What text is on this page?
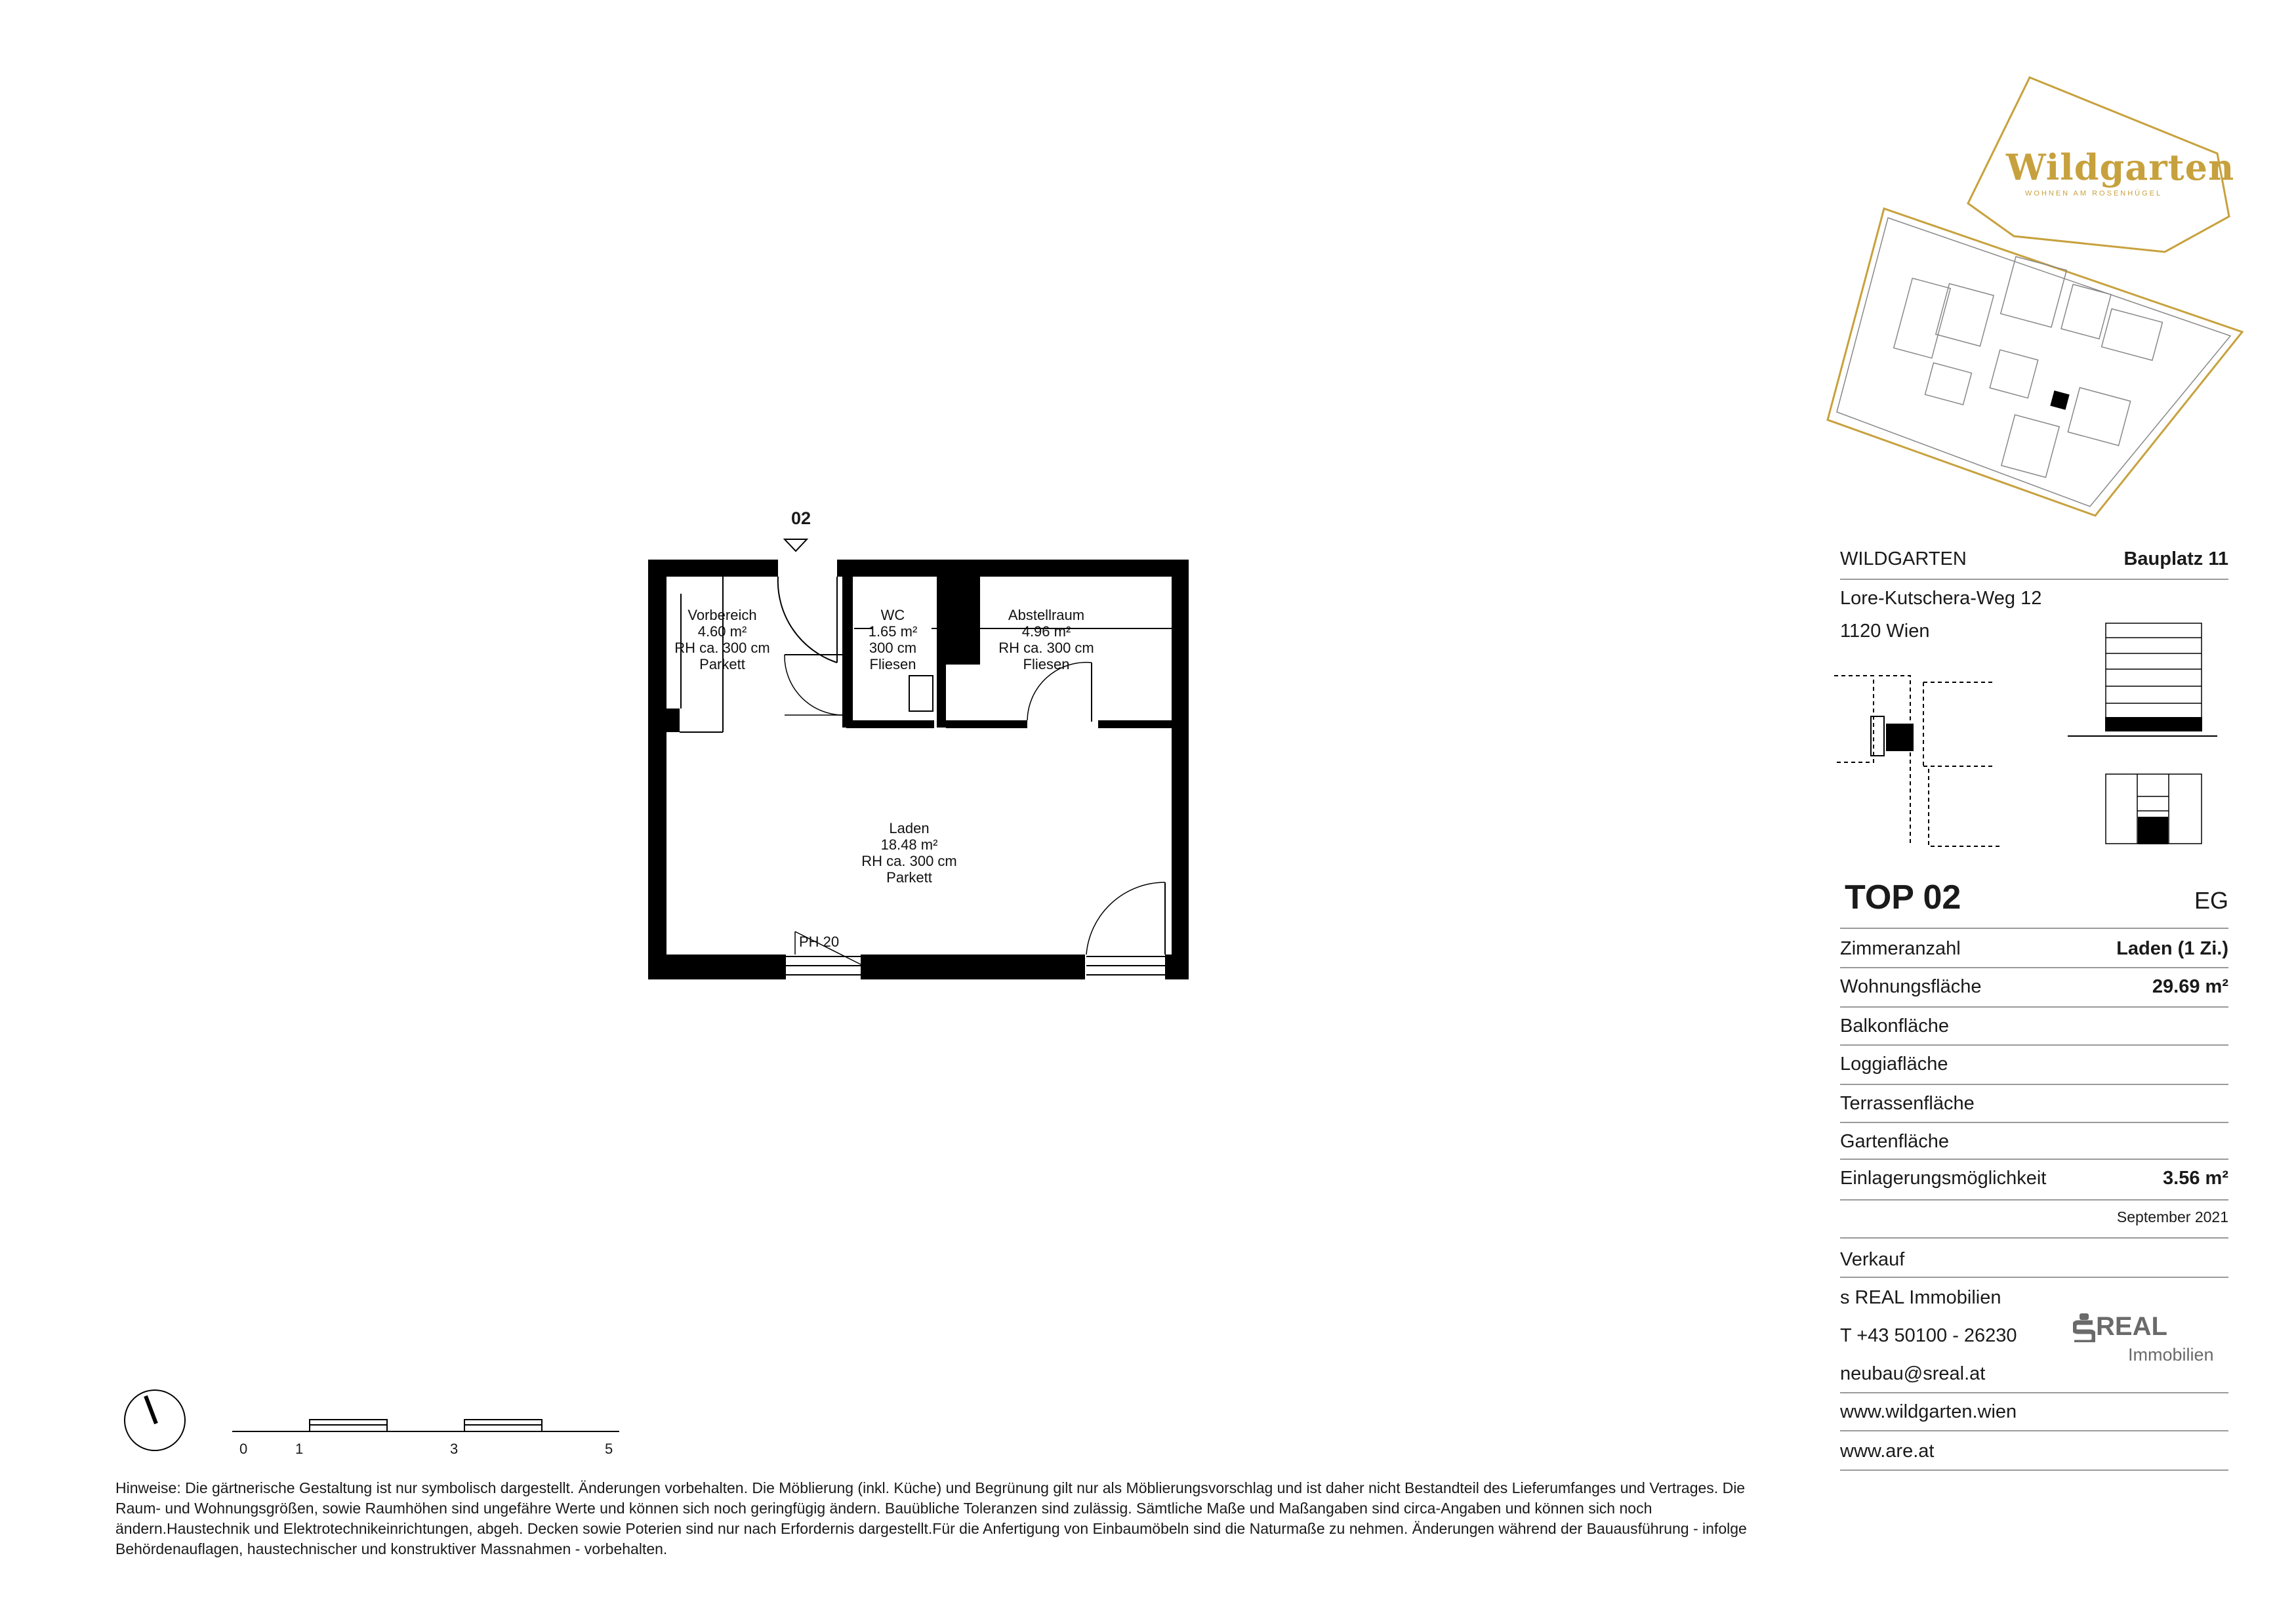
02
Vorbereich
4.60 m²
RH ca. 300 cm
Parkett
WC
1.65 m²
300 cm
Fliesen
Abstellraum
4.96 m²
RH ca. 300 cm
Fliesen
Laden
18.48 m²
RH ca. 300 cm
Parkett
PH 20
0	1	3	5
Wildgarten
WOHNEN AM ROSENHÜGEL
WILDGARTEN	Bauplatz 11
Lore-Kutschera-Weg 12
1120 Wien
TOP 02	EG
Zimmeranzahl	Laden (1 Zi.)
Wohnungsfläche	29.69 m²
Balkonfläche
Loggiafläche
Terrassenfläche
Gartenfläche
Einlagerungsmöglichkeit	3.56 m²
September 2021
Verkauf
s REAL Immobilien
T +43 50100 - 26230
neubau@sreal.at
www.wildgarten.wien
www.are.at
REAL
Immobilien
Hinweise: Die gärtnerische Gestaltung ist nur symbolisch dargestellt. Änderungen vorbehalten. Die Möblierung (inkl. Küche) und Begrünung gilt nur als Möblierungsvorschlag und ist daher nicht Bestandteil des Lieferumfanges und Vertrages. Die Raum- und Wohnungsgrößen, sowie Raumhöhen sind ungefähre Werte und können sich noch geringfügig ändern. Bauübliche Toleranzen sind zulässig. Sämtliche Maße und Maßangaben sind circa-Angaben und können sich noch ändern.Haustechnik und Elektrotechnikeinrichtungen, abgeh. Decken sowie Poterien sind nur nach Erfordernis dargestellt.Für die Anfertigung von Einbaumöbeln sind die Naturmaße zu nehmen. Änderungen während der Bauausführung - infolge Behördenauflagen, haustechnischer und konstruktiver Massnahmen - vorbehalten.
